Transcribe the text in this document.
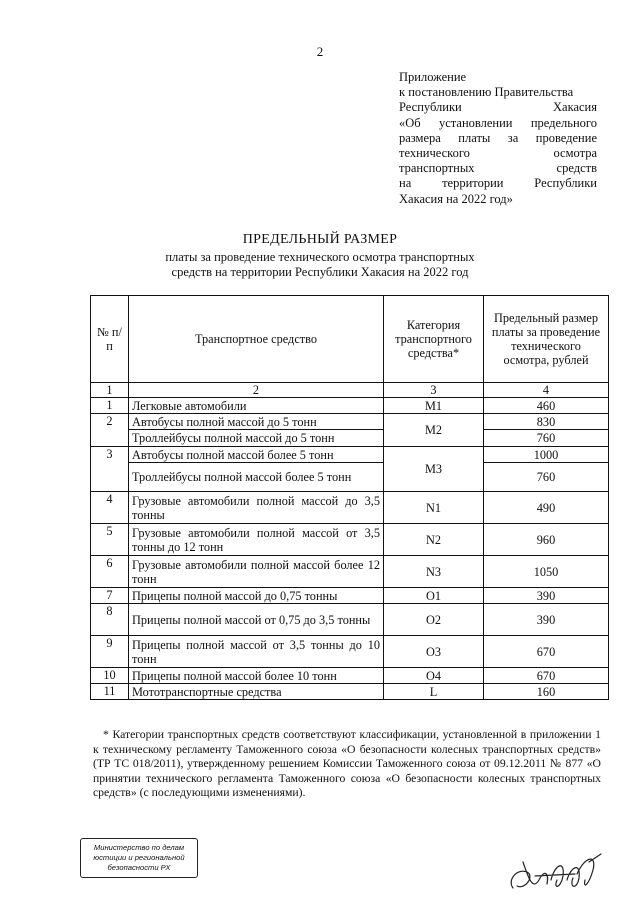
2
Приложение
к постановлению Правительства
Республики Хакасия
«Об установлении предельного
размера платы за проведение
технического осмотра
транспортных средств
на территории Республики
Хакасия на 2022 год»
ПРЕДЕЛЬНЫЙ РАЗМЕР
платы за проведение технического осмотра транспортных
средств на территории Республики Хакасия на 2022 год
№ п/п	Транспортное средство	Категория транспортного средства*	Предельный размер платы за проведение технического осмотра, рублей
1	2	3	4
1	Легковые автомобили	M1	460
2	Автобусы полной массой до 5 тонн	M2	830
	Троллейбусы полной массой до 5 тонн		760
3	Автобусы полной массой более 5 тонн	M3	1000
	Троллейбусы полной массой более 5 тонн		760
4	Грузовые автомобили полной массой до 3,5 тонны	N1	490
5	Грузовые автомобили полной массой от 3,5 тонны до 12 тонн	N2	960
6	Грузовые автомобили полной массой более 12 тонн	N3	1050
7	Прицепы полной массой до 0,75 тонны	O1	390
8	Прицепы полной массой от 0,75 до 3,5 тонны	O2	390
9	Прицепы полной массой от 3,5 тонны до 10 тонн	O3	670
10	Прицепы полной массой более 10 тонн	O4	670
11	Мототранспортные средства	L	160
* Категории транспортных средств соответствуют классификации, установленной в приложении 1 к техническому регламенту Таможенного союза «О безопасности колесных транспортных средств» (ТР ТС 018/2011), утвержденному решением Комиссии Таможенного союза от 09.12.2011 № 877 «О принятии технического регламента Таможенного союза «О безопасности колесных транспортных средств» (с последующими изменениями).
Министерство по делам
юстиции и региональной
безопасности РХ
